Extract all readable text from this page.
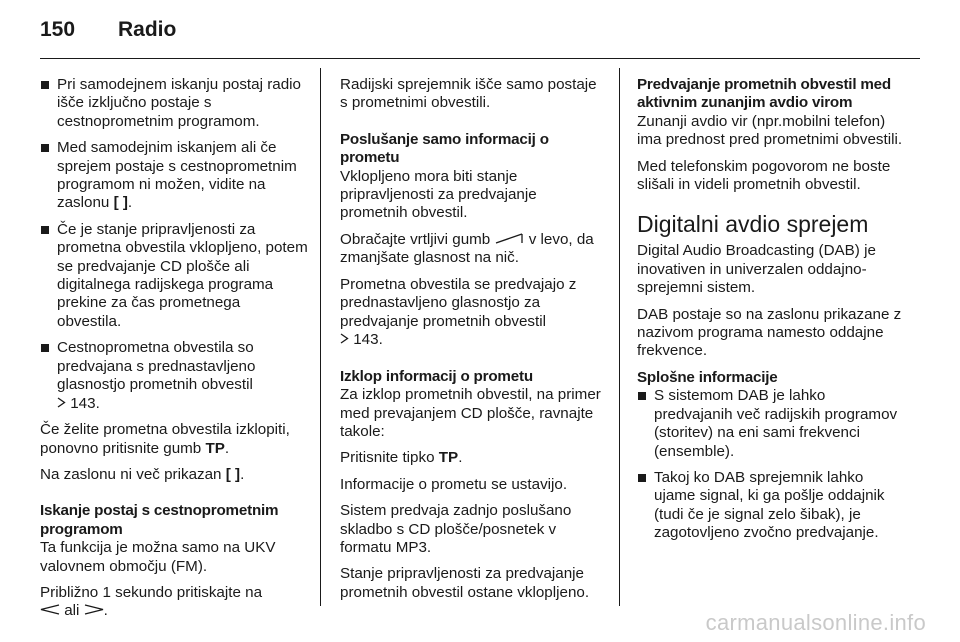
150	Radio
Pri samodejnem iskanju postaj radio išče izključno postaje s cestnoprometnim programom.
Med samodejnim iskanjem ali če sprejem postaje s cestnoprometnim programom ni možen, vidite na zaslonu [ ].
Če je stanje pripravljenosti za prometna obvestila vklopljeno, potem se predvajanje CD plošče ali digitalnega radijskega programa prekine za čas prometnega obvestila.
Cestnoprometna obvestila so predvajana s prednastavljeno glasnostjo prometnih obvestil
143.

Če želite prometna obvestila izklopiti, ponovno pritisnite gumb TP.

Na zaslonu ni več prikazan [ ].

Iskanje postaj s cestnoprometnim programom

Ta funkcija je možna samo na UKV valovnem območju (FM).

Približno 1 sekundo pritiskajte na
ali .

Radijski sprejemnik išče samo postaje s prometnimi obvestili.

Poslušanje samo informacij o prometu

Vklopljeno mora biti stanje pripravljenosti za predvajanje prometnih obvestil.

Obračajte vrtljivi gumb	v levo, da zmanjšate glasnost na nič.

Prometna obvestila se predvajajo z prednastavljeno glasnostjo za predvajanje prometnih obvestil
143.

Izklop informacij o prometu

Za izklop prometnih obvestil, na primer med prevajanjem CD plošče, ravnajte takole:

Pritisnite tipko TP.

Informacije o prometu se ustavijo.

Sistem predvaja zadnjo poslušano skladbo s CD plošče/posnetek v formatu MP3.

Stanje pripravljenosti za predvajanje prometnih obvestil ostane vklopljeno.

Predvajanje prometnih obvestil med aktivnim zunanjim avdio virom

Zunanji avdio vir (npr.mobilni telefon) ima prednost pred prometnimi obvestili.

Med telefonskim pogovorom ne boste slišali in videli prometnih obvestil.

Digitalni avdio sprejem

Digital Audio Broadcasting (DAB) je inovativen in univerzalen oddajno-sprejemni sistem.

DAB postaje so na zaslonu prikazane z nazivom programa namesto oddajne frekvence.

Splošne informacije

S sistemom DAB je lahko predvajanih več radijskih programov (storitev) na eni sami frekvenci (ensemble).
Takoj ko DAB sprejemnik lahko ujame signal, ki ga pošlje oddajnik (tudi če je signal zelo šibak), je zagotovljeno zvočno predvajanje.
carmanualsonline.info
